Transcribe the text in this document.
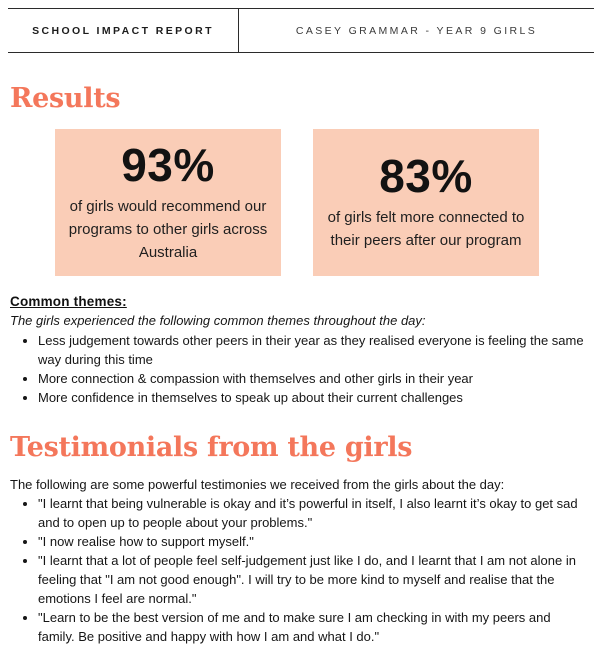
SCHOOL IMPACT REPORT	CASEY GRAMMAR - YEAR 9 GIRLS
Results
93%
of girls would recommend our programs to other girls across Australia
83%
of girls felt more connected to their peers after our program
Common themes:
The girls experienced the following common themes throughout the day:
• Less judgement towards other peers in their year as they realised everyone is feeling the same way during this time
• More connection & compassion with themselves and other girls in their year
• More confidence in themselves to speak up about their current challenges
Testimonials from the girls
The following are some powerful testimonies we received from the girls about the day:
• "I learnt that being vulnerable is okay and it’s powerful in itself, I also learnt it’s okay to get sad and to open up to people about your problems."
• "I now realise how to support myself."
• "I learnt that a lot of people feel self-judgement just like I do, and I learnt that I am not alone in feeling that "I am not good enough". I will try to be more kind to myself and realise that the emotions I feel are normal."
• "Learn to be the best version of me and to make sure I am checking in with my peers and family. Be positive and happy with how I am and what I do."
